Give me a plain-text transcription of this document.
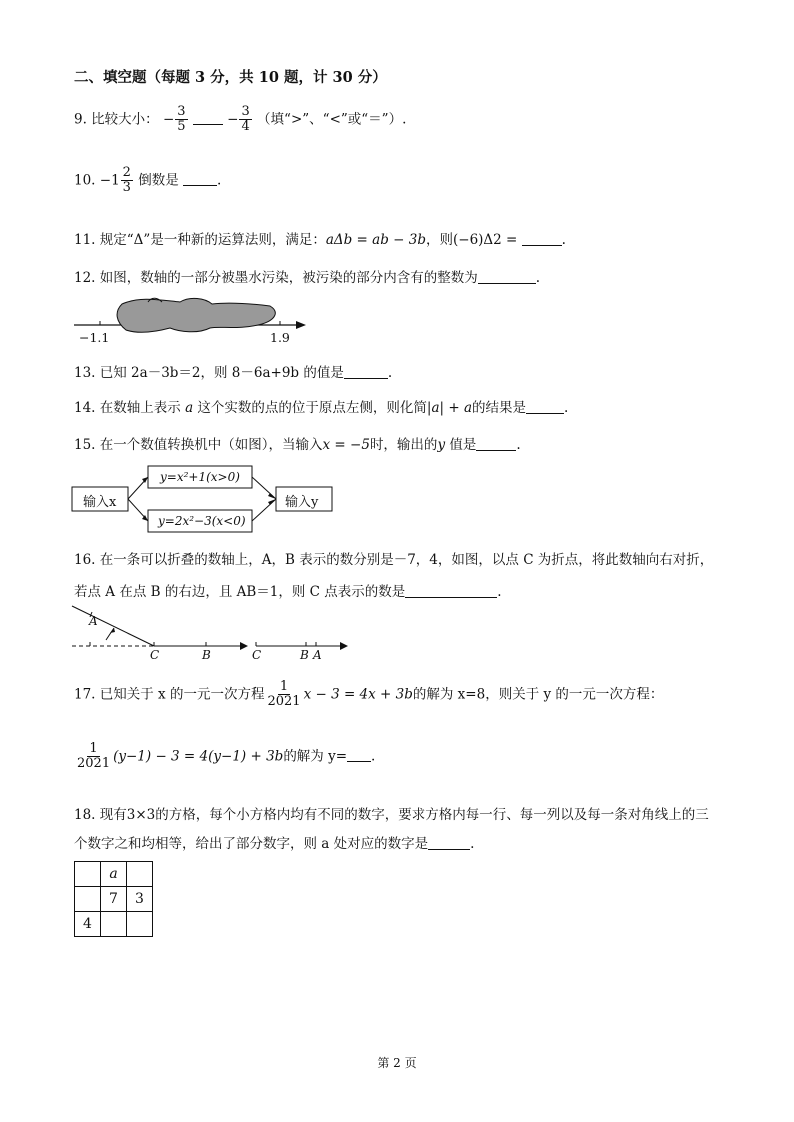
二、填空题（每题 3 分，共 10 题，计 30 分）
9. 比较大小： − $\frac{3}{5}$	− $\frac{3}{4}$ （填“>”、“<”或“＝”）.
10. $-1 \frac{2}{3}$ 倒数是	.
11. 规定“Δ”是一种新的运算法则，满足：aΔb = ab − 3b，则(−6)Δ2 =	.
12. 如图，数轴的一部分被墨水污染，被污染的部分内含有的整数为	.
−1.1	1.9
13. 已知 2a－3b＝2，则 8－6a+9b 的值是	.
14. 在数轴上表示 a 这个实数的点的位于原点左侧，则化简|a| + a的结果是	.
15. 在一个数值转换机中（如图），当输入x = −5时，输出的y 值是	.
输入x
y=x²+1(x>0)
y=2x²−3(x<0)
输入y
16. 在一条可以折叠的数轴上，A，B 表示的数分别是－7，4，如图，以点 C 为折点，将此数轴向右对折，
若点 A 在点 B 的右边，且 AB＝1，则 C 点表示的数是	.
A
C	B	C	B A
17. 已知关于 x 的一元一次方程 $\frac{1}{2021}$ x − 3 = 4x + 3b的解为 x=8，则关于 y 的一元一次方程：
$\frac{1}{2021} (y-1) - 3 = 4(y-1) + 3b$的解为 y= .
18. 现有3×3的方格，每个小方格内均有不同的数字，要求方格内每一行、每一列以及每一条对角线上的三
个数字之和均相等，给出了部分数字，则 a 处对应的数字是	.
	a	
	7	3
4		
第 2 页
